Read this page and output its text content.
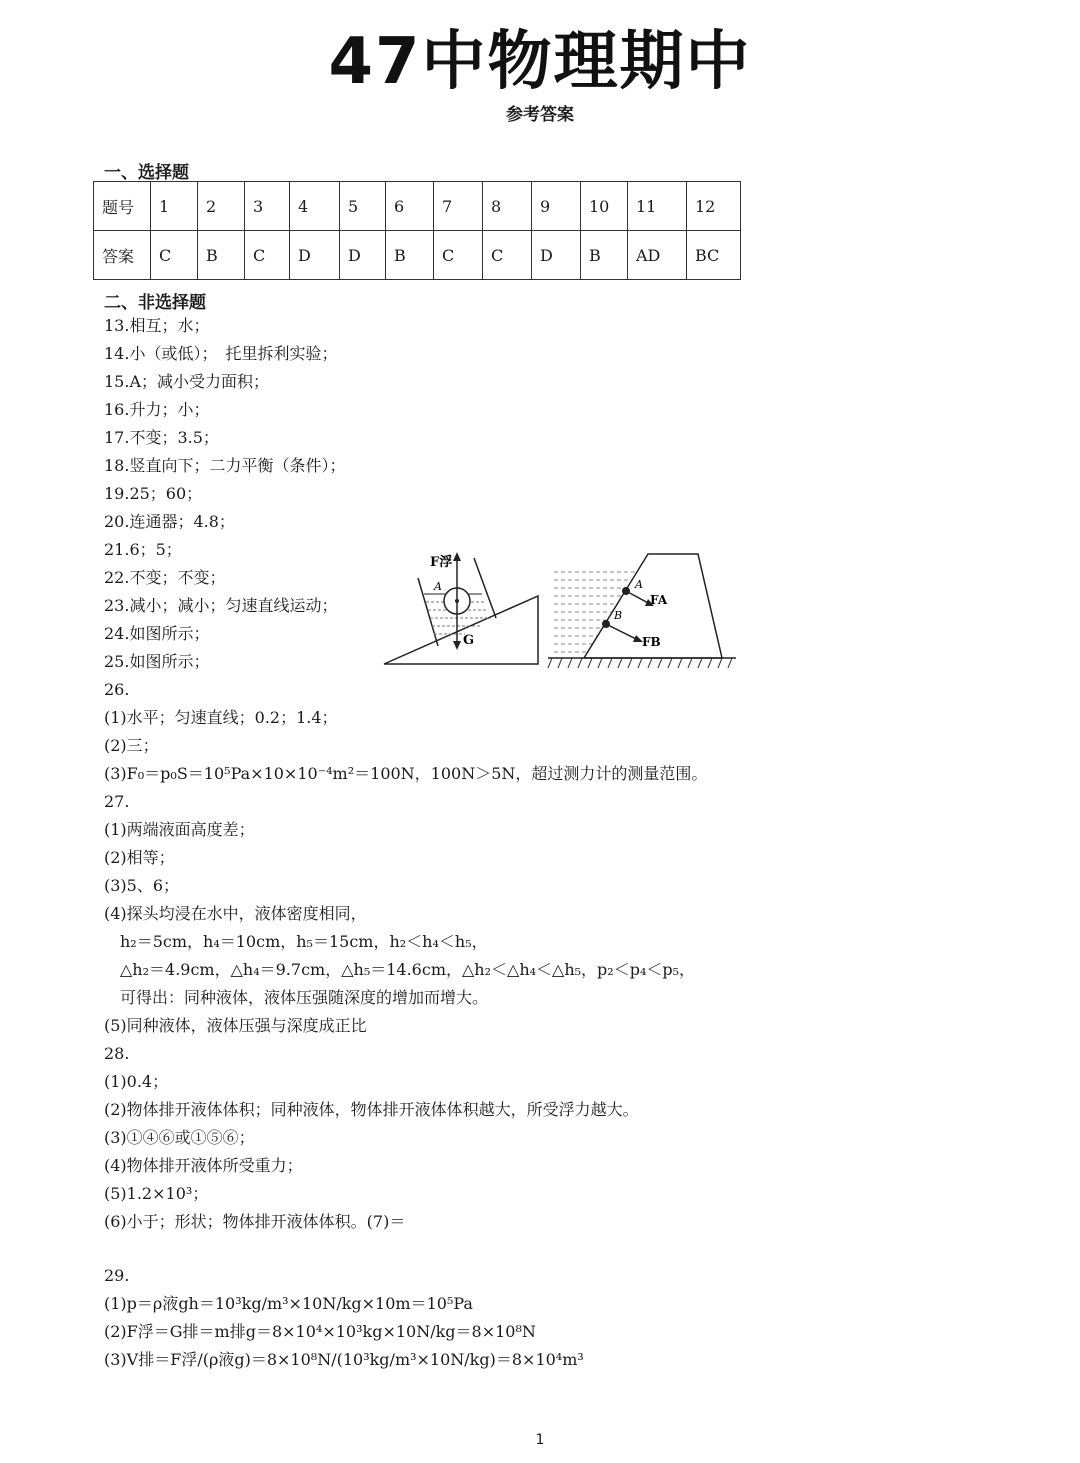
47中物理期中
参考答案
一、选择题
题号	1	2	3	4	5	6	7	8	9	10	11	12
答案	C	B	C	D	D	B	C	C	D	B	AD	BC
二、非选择题
13.相互；水；
14.小（或低）；　托里拆利实验；
15.A；减小受力面积；
16.升力；小；
17.不变；3.5；
18.竖直向下；二力平衡（条件）；
19.25；60；
20.连通器；4.8；
21.6；5；
22.不变；不变；
23.减小；减小；匀速直线运动；
24.如图所示；
25.如图所示；
26.
(1)水平；匀速直线；0.2；1.4；
(2)三；
(3)F₀＝p₀S＝10⁵Pa×10×10⁻⁴m²＝100N，100N＞5N，超过测力计的测量范围。
27.
(1)两端液面高度差；
(2)相等；
(3)5、6；
(4)探头均浸在水中，液体密度相同，
h₂＝5cm，h₄＝10cm，h₅＝15cm，h₂＜h₄＜h₅，
△h₂＝4.9cm，△h₄＝9.7cm，△h₅＝14.6cm，△h₂＜△h₄＜△h₅，p₂＜p₄＜p₅，
可得出：同种液体，液体压强随深度的增加而增大。
(5)同种液体，液体压强与深度成正比
28.
(1)0.4；
(2)物体排开液体体积；同种液体，物体排开液体体积越大，所受浮力越大。
(3)①④⑥或①⑤⑥；
(4)物体排开液体所受重力；
(5)1.2×10³；
(6)小于；形状；物体排开液体体积。(7)＝
29.
(1)p＝ρ液gh＝10³kg/m³×10N/kg×10m＝10⁵Pa
(2)F浮＝G排＝m排g＝8×10⁴×10³kg×10N/kg＝8×10⁸N
(3)V排＝F浮/(ρ液g)＝8×10⁸N/(10³kg/m³×10N/kg)＝8×10⁴m³
F浮
G
A	A
FA
B
FB
1
